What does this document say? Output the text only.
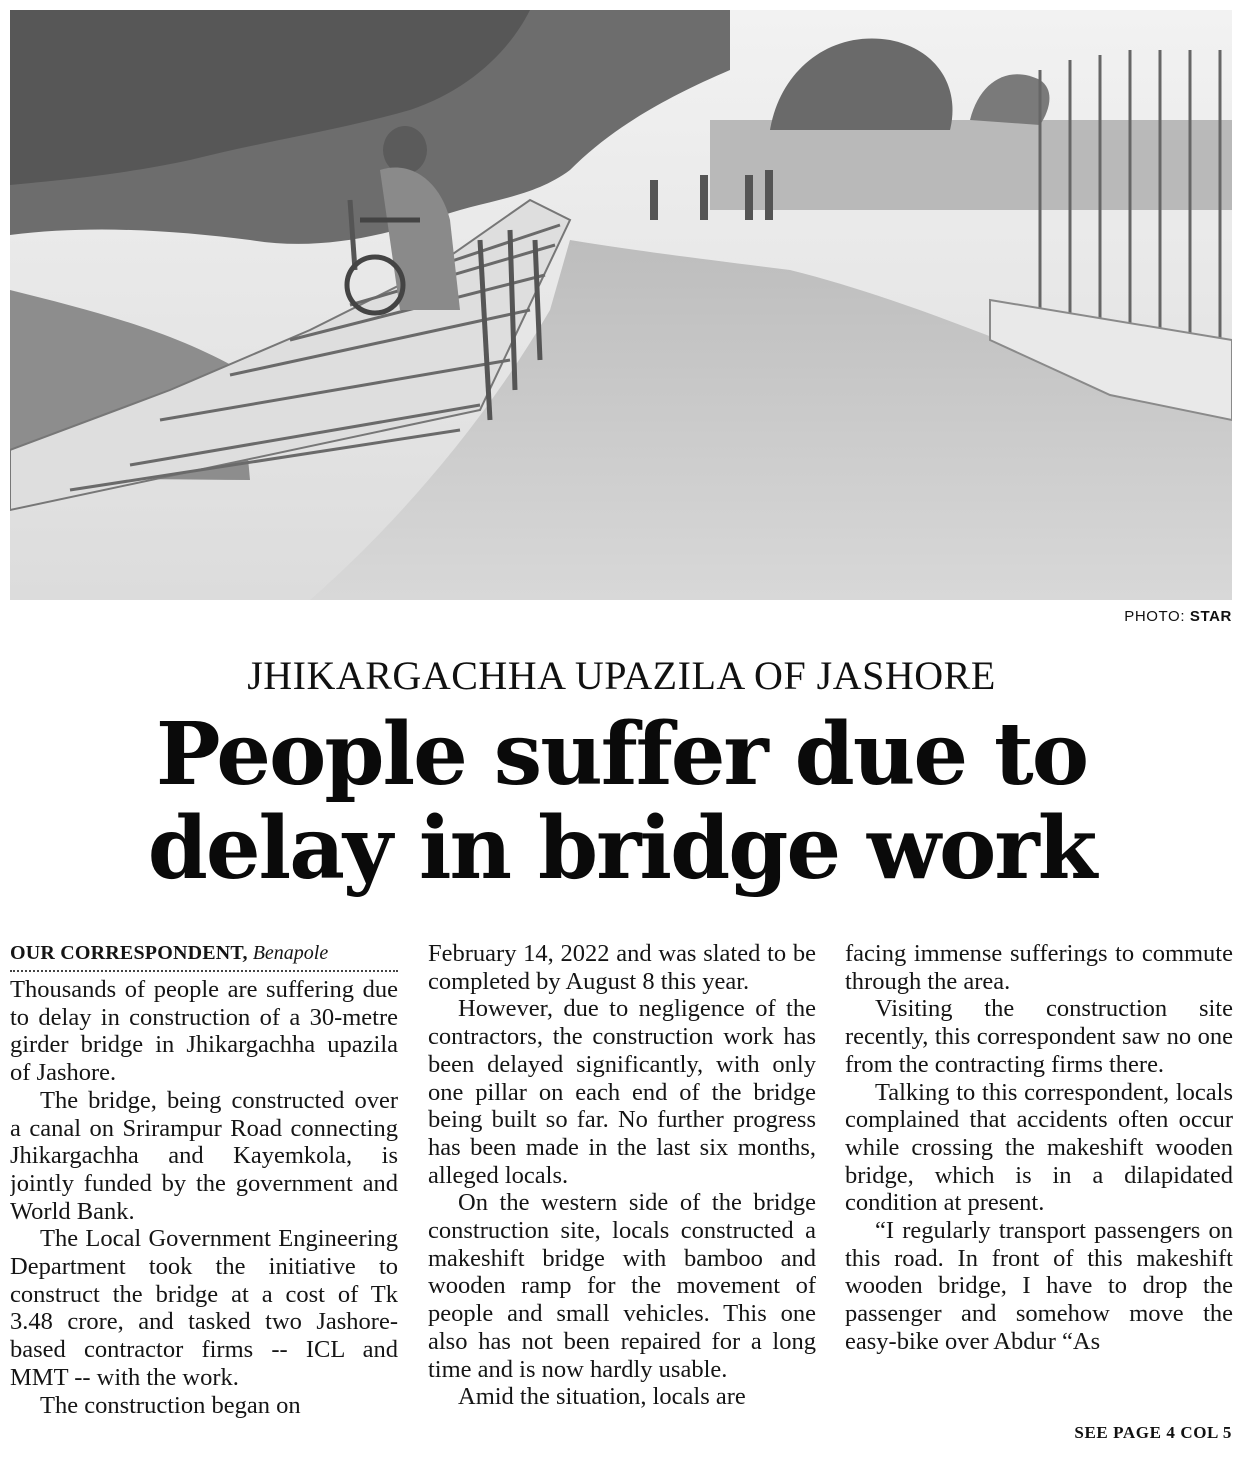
PHOTO: STAR
JHIKARGACHHA UPAZILA OF JASHORE
People suffer due to
delay in bridge work
OUR CORRESPONDENT, Benapole

Thousands of people are suffering due to delay in construction of a 30-metre girder bridge in Jhikargachha upazila of Jashore.

The bridge, being constructed over a canal on Srirampur Road connecting Jhikargachha and Kayemkola, is jointly funded by the government and World Bank.

The Local Government Engineering Department took the initiative to construct the bridge at a cost of Tk 3.48 crore, and tasked two Jashore-based contractor firms -- ICL and MMT -- with the work.

The construction began on

February 14, 2022 and was slated to be completed by August 8 this year.

However, due to negligence of the contractors, the construction work has been delayed significantly, with only one pillar on each end of the bridge being built so far. No further progress has been made in the last six months, alleged locals.

On the western side of the bridge construction site, locals constructed a makeshift bridge with bamboo and wooden ramp for the movement of people and small vehicles. This one also has not been repaired for a long time and is now hardly usable.

Amid the situation, locals are

facing immense sufferings to commute through the area.

Visiting the construction site recently, this correspondent saw no one from the contracting firms there.

Talking to this correspondent, locals complained that accidents often occur while crossing the makeshift wooden bridge, which is in a dilapidated condition at present.

“I regularly transport passengers on this road. In front of this makeshift wooden bridge, I have to drop the passenger and somehow move the easy-bike over Abdur “As

SEE PAGE 4 COL 5
